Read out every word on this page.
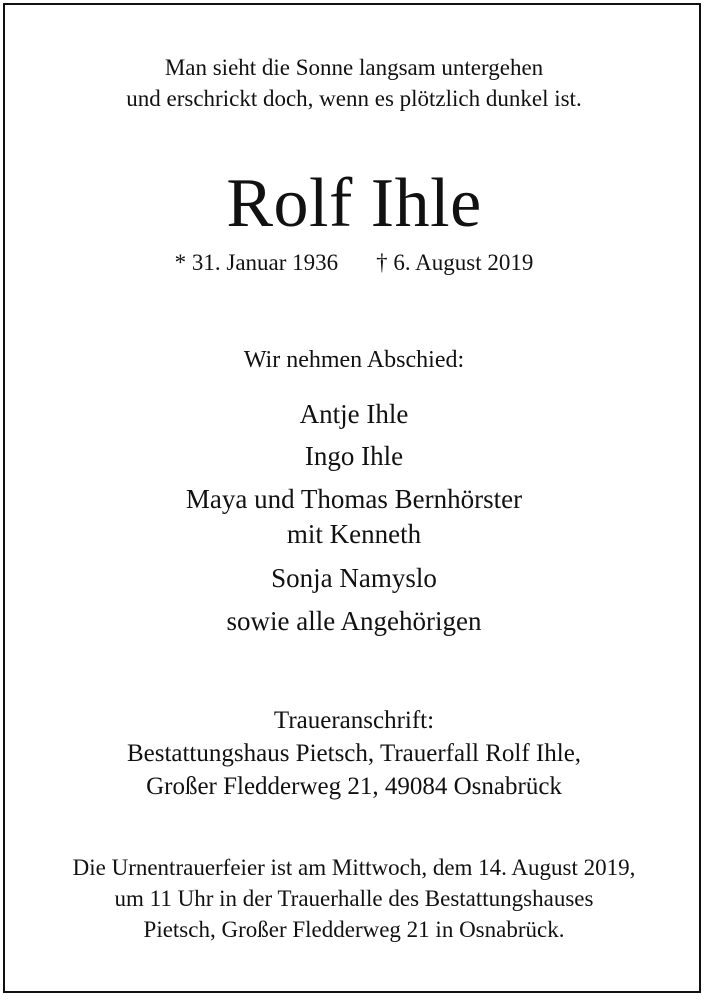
Man sieht die Sonne langsam untergehen
und erschrickt doch, wenn es plötzlich dunkel ist.
Rolf Ihle
* 31. Januar 1936 † 6. August 2019
Wir nehmen Abschied:
Antje Ihle
Ingo Ihle
Maya und Thomas Bernhörster
mit Kenneth
Sonja Namyslo
sowie alle Angehörigen
Traueranschrift:
Bestattungshaus Pietsch, Trauerfall Rolf Ihle,
Großer Fledderweg 21, 49084 Osnabrück
Die Urnentrauerfeier ist am Mittwoch, dem 14. August 2019,
um 11 Uhr in der Trauerhalle des Bestattungshauses
Pietsch, Großer Fledderweg 21 in Osnabrück.
